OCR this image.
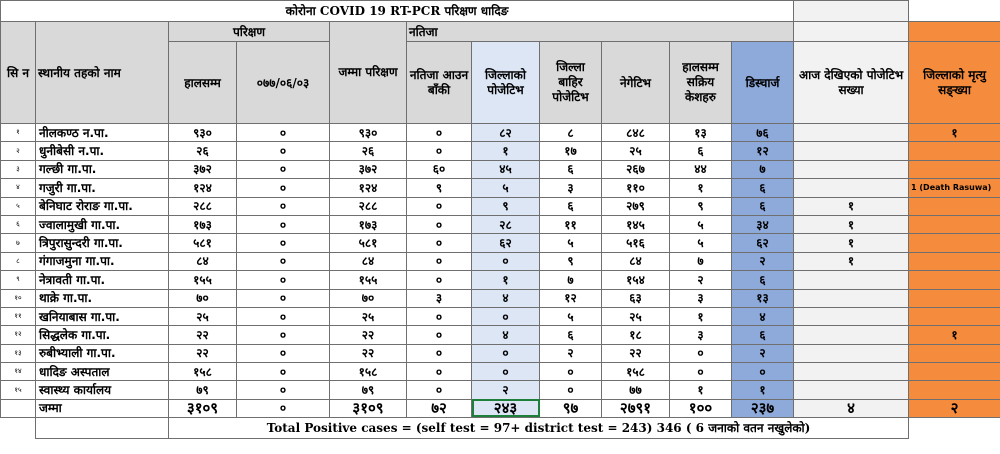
कोरोना COVID 19 RT-PCR परिक्षण धादिङ												
सि न	स्थानीय तहको नाम	परिक्षण		जम्मा परिक्षण	नतिजा							
		हालसम्म	०७७/०६/०३		नतिजा आउन बाँकी	जिल्लाको पोजेटिभ	जिल्ला बाहिर पोजेटिभ	नेगेटिभ	हालसम्म सक्रिय केशहरु	डिस्चार्ज	आज देखिएको पोजेटिभ सख्या	जिल्लाको मृत्यु सङ्ख्या
१	नीलकण्ठ न.पा.	९३०	०	९३०	०	८२	८	८४८	१३	७६		१
२	धुनीबेसी न.पा.	२६	०	२६	०	१	१७	२५	६	१२		
३	गल्छी गा.पा.	३७२	०	३७२	६०	४५	६	२६७	४४	७		
४	गजुरी गा.पा.	१२४	०	१२४	९	५	३	११०	१	६		1 (Death Rasuwa)
५	बेनिघाट रोराङ गा.पा.	२८८	०	२८८	०	९	६	२७९	९	६	१	
६	ज्वालामुखी गा.पा.	१७३	०	१७३	०	२८	११	१४५	५	३४	१	
७	त्रिपुरासुन्दरी गा.पा.	५८१	०	५८१	०	६२	५	५१६	५	६२	१	
८	गंगाजमुना गा.पा.	८४	०	८४	०	०	९	८४	७	२	१	
९	नेत्रावती गा.पा.	१५५	०	१५५	०	१	७	१५४	२	६		
१०	थाक्रे गा.पा.	७०	०	७०	३	४	१२	६३	३	१३		
११	खनियाबास गा.पा.	२५	०	२५	०	०	५	२५	१	४		
१२	सिद्धलेक गा.पा.	२२	०	२२	०	४	६	१८	३	६		१
१३	रुबीभ्याली गा.पा.	२२	०	२२	०	०	२	२२	०	२		
१४	धादिङ अस्पताल	१५८	०	१५८	०	०	०	१५८	०	०		
१५	स्वास्थ्य कार्यालय	७९	०	७९	०	२	०	७७	१	१		
	जम्मा	३१०९	०	३१०९	७२	२४३	९७	२७९१	१००	२३७	४	२
		Total Positive cases = (self test = 97+ district test = 243) 346 ( 6 जनाको वतन नखुलेको)										
